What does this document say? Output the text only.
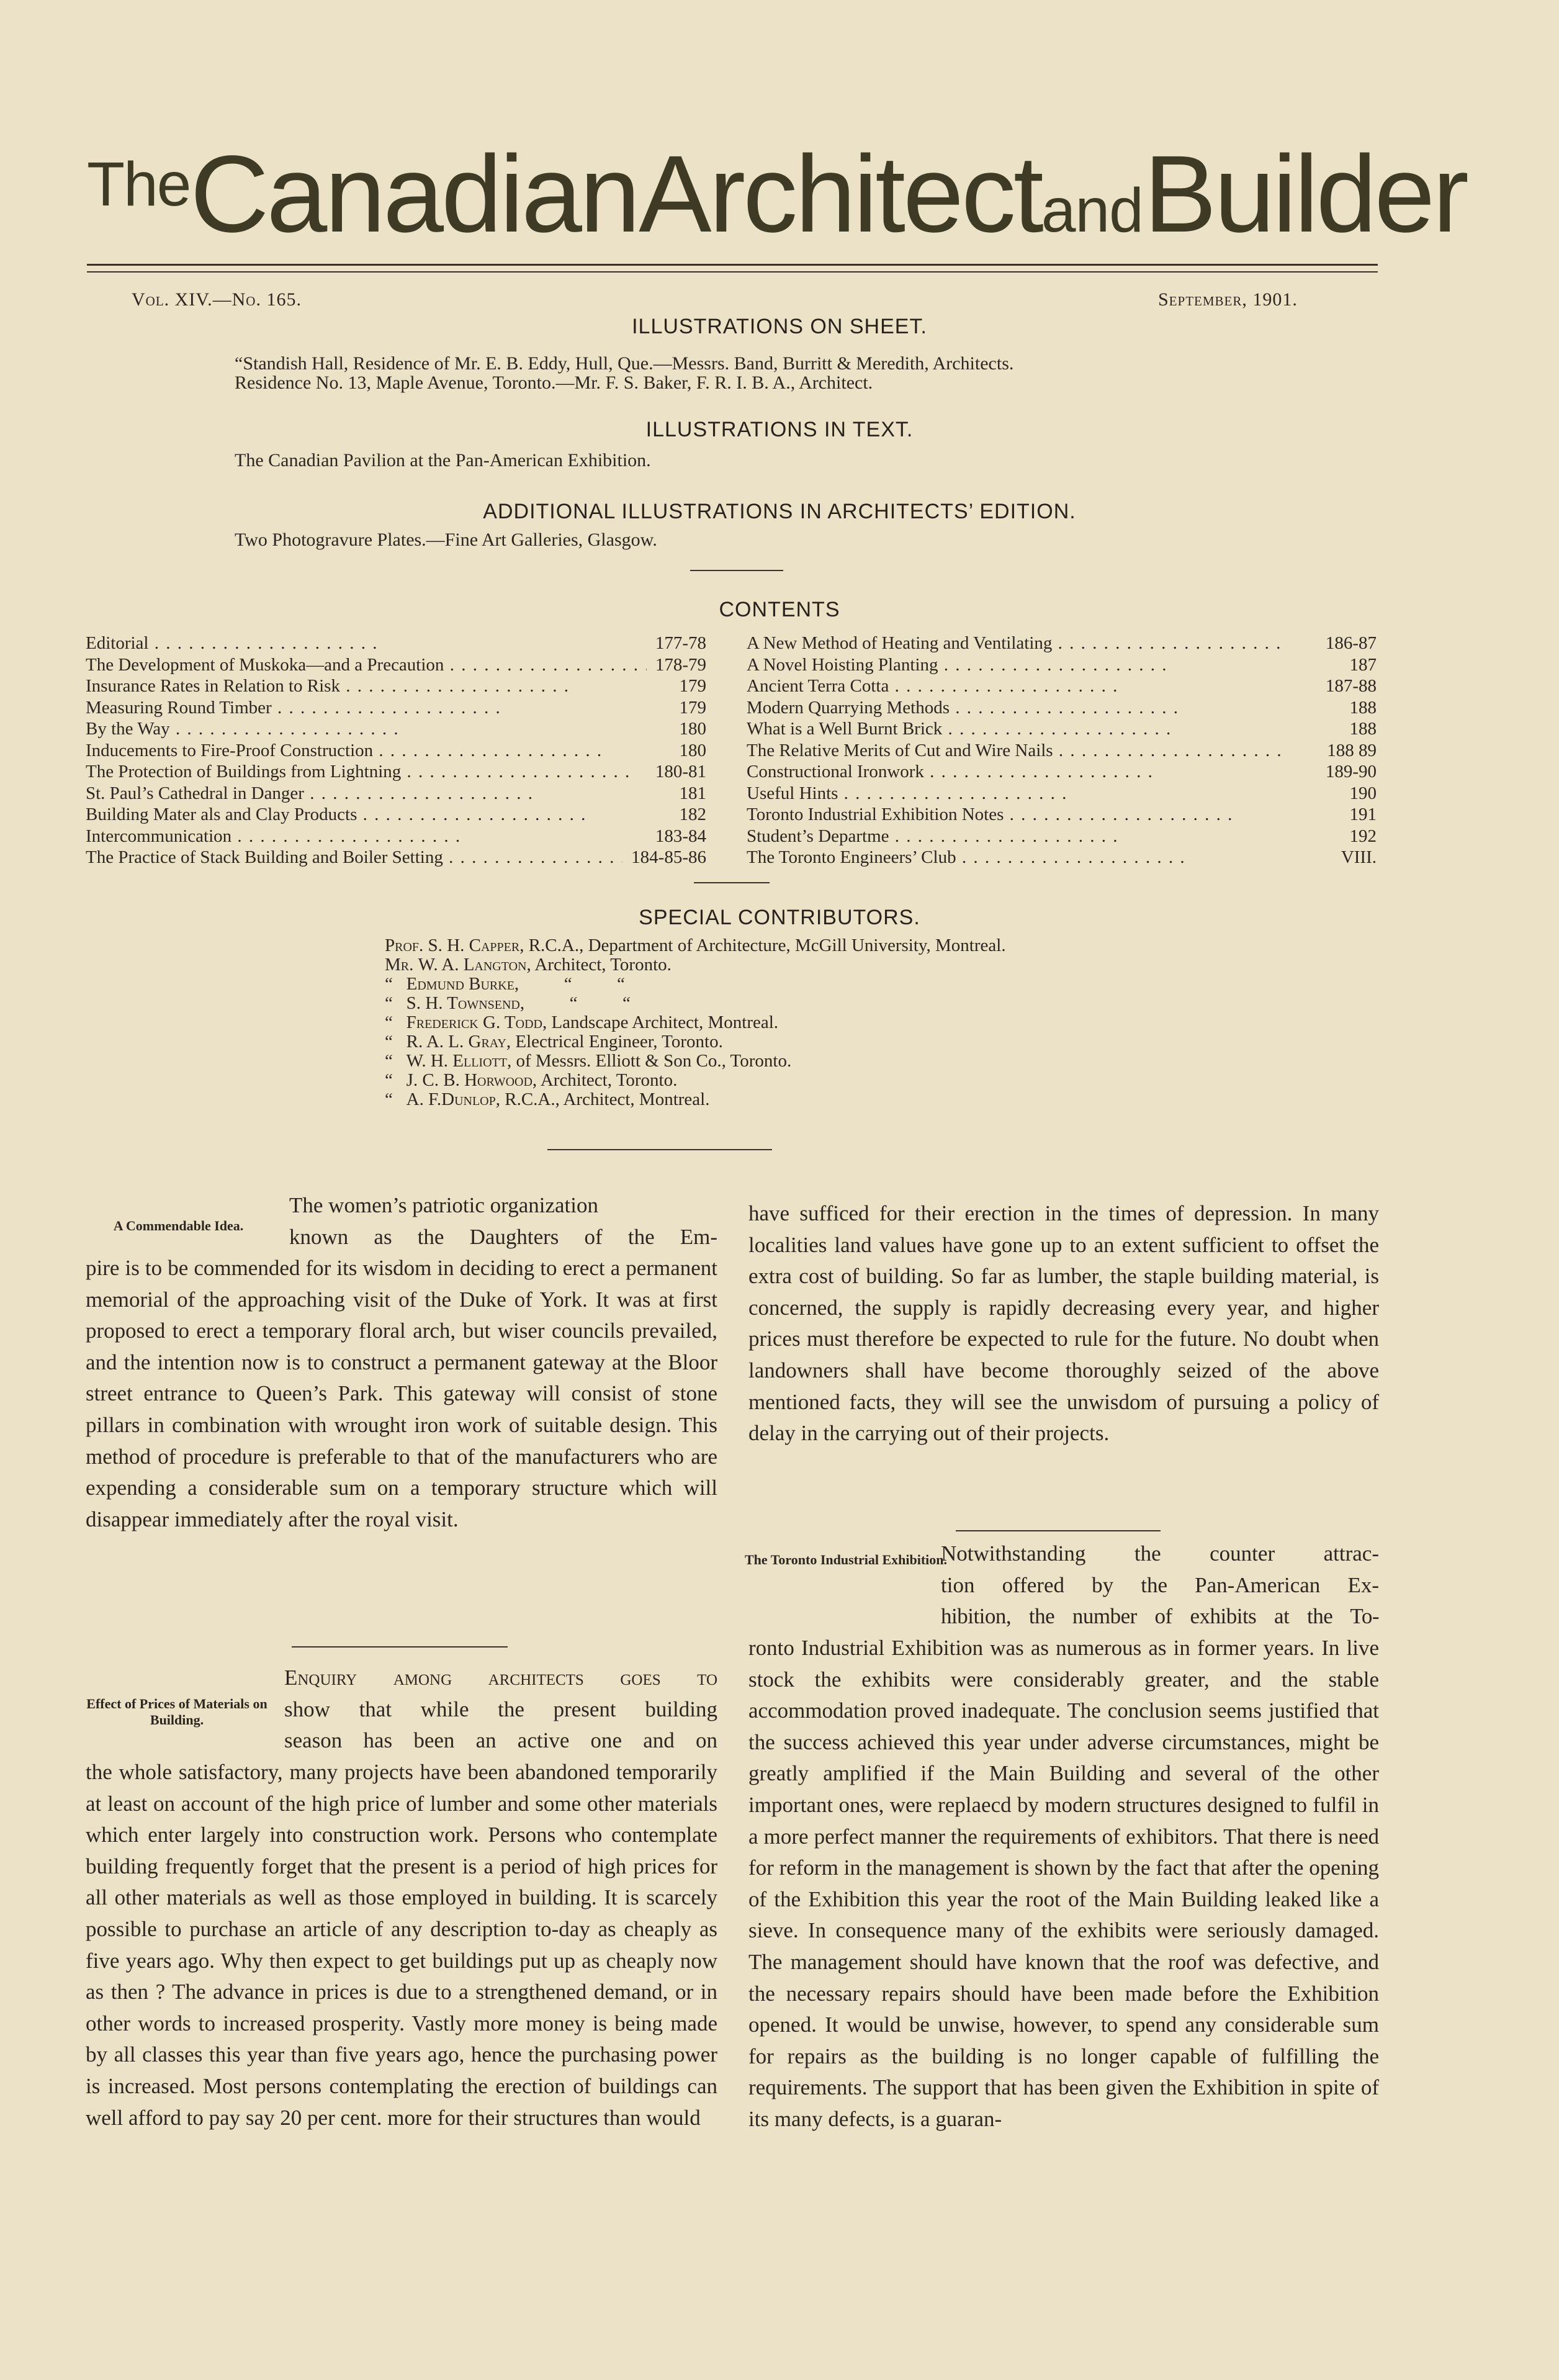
TheCanadian Architectand Builder
Vol. XIV.—No. 165.	September, 1901.
ILLUSTRATIONS ON SHEET.
“Standish Hall, Residence of Mr. E. B. Eddy, Hull, Que.—Messrs. Band, Burritt & Meredith, Architects.
Residence No. 13, Maple Avenue, Toronto.—Mr. F. S. Baker, F. R. I. B. A., Architect.
ILLUSTRATIONS IN TEXT.
The Canadian Pavilion at the Pan-American Exhibition.
ADDITIONAL ILLUSTRATIONS IN ARCHITECTS’ EDITION.
Two Photogravure Plates.—Fine Art Galleries, Glasgow.
CONTENTS
Editorial . .	177-78
The Development of Muskoka—and a Precaution . .	178-79
Insurance Rates in Relation to Risk . .	179
Measuring Round Timber . .	179
By the Way . .	180
Inducements to Fire-Proof Construction . .	180
The Protection of Buildings from Lightning . .	180-81
St. Paul’s Cathedral in Danger . .	181
Building Mater als and Clay Products . .	182
Intercommunication . .	183-84
The Practice of Stack Building and Boiler Setting . .	184-85-86
A New Method of Heating and Ventilating . .	186-87
A Novel Hoisting Planting . .	187
Ancient Terra Cotta . .	187-88
Modern Quarrying Methods . .	188
What is a Well Burnt Brick . .	188
The Relative Merits of Cut and Wire Nails . .	188 89
Constructional Ironwork . .	189-90
Useful Hints . .	190
Toronto Industrial Exhibition Notes . .	191
Student’s Departme . .	192
The Toronto Engineers’ Club . .	VIII.
SPECIAL CONTRIBUTORS.
Prof. S. H. Capper, R.C.A., Department of Architecture, McGill University, Montreal.
Mr. W. A. Langton, Architect, Toronto.
“ Edmund Burke,          “          “
“ S. H. Townsend,          “          “
“ Frederick G. Todd, Landscape Architect, Montreal.
“ R. A. L. Gray, Electrical Engineer, Toronto.
“ W. H. Elliott, of Messrs. Elliott & Son Co., Toronto.
“ J. C. B. Horwood, Architect, Toronto.
“ A. F.Dunlop, R.C.A., Architect, Montreal.
A Commendable Idea.

The women’s patriotic organization

known as the Daughters of the Em-

pire is to be commended for its wisdom in deciding to erect a permanent memorial of the approaching visit of the Duke of York. It was at first proposed to erect a temporary floral arch, but wiser councils prevailed, and the intention now is to construct a permanent gateway at the Bloor street entrance to Queen’s Park. This gateway will consist of stone pillars in combination with wrought iron work of suitable design. This method of procedure is preferable to that of the manufacturers who are expending a considerable sum on a temporary structure which will disappear immediately after the royal visit.
Effect of Prices of Materials on Building.

Enquiry among architects goes to

show that while the present building

season has been an active one and on

the whole satisfactory, many projects have been abandoned temporarily at least on account of the high price of lumber and some other materials which enter largely into construction work. Persons who contemplate building frequently forget that the present is a period of high prices for all other materials as well as those employed in building. It is scarcely possible to purchase an article of any description to-day as cheaply as five years ago. Why then expect to get buildings put up as cheaply now as then ? The advance in prices is due to a strengthened demand, or in other words to increased prosperity. Vastly more money is being made by all classes this year than five years ago, hence the purchasing power is increased. Most persons contemplating the erection of buildings can well afford to pay say 20 per cent. more for their structures than would
have sufficed for their erection in the times of depression. In many localities land values have gone up to an extent sufficient to offset the extra cost of building. So far as lumber, the staple building material, is concerned, the supply is rapidly decreasing every year, and higher prices must therefore be expected to rule for the future. No doubt when landowners shall have become thoroughly seized of the above mentioned facts, they will see the unwisdom of pursuing a policy of delay in the carrying out of their projects.
The Toronto Industrial Exhibition.

Notwithstanding the counter attrac-

tion offered by the Pan-American Ex-

hibition, the number of exhibits at the To-

ronto Industrial Exhibition was as numerous as in former years. In live stock the exhibits were considerably greater, and the stable accommodation proved inadequate. The conclusion seems justified that the success achieved this year under adverse circumstances, might be greatly amplified if the Main Building and several of the other important ones, were replaecd by modern structures designed to fulfil in a more perfect manner the requirements of exhibitors. That there is need for reform in the management is shown by the fact that after the opening of the Exhibition this year the root of the Main Building leaked like a sieve. In consequence many of the exhibits were seriously damaged. The management should have known that the roof was defective, and the necessary repairs should have been made before the Exhibition opened. It would be unwise, however, to spend any considerable sum for repairs as the building is no longer capable of fulfilling the requirements. The support that has been given the Exhibition in spite of its many defects, is a guaran-
